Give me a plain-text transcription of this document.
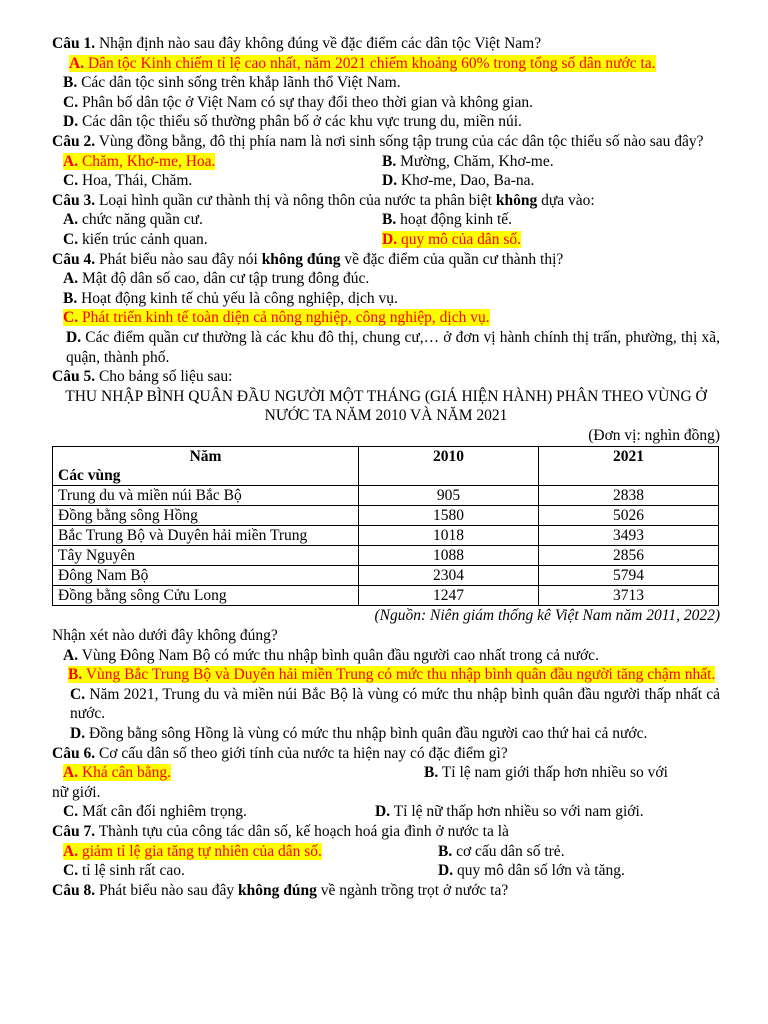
Câu 1. Nhận định nào sau đây không đúng về đặc điểm các dân tộc Việt Nam?

A. Dân tộc Kinh chiếm tỉ lệ cao nhất, năm 2021 chiếm khoảng 60% trong tổng số dân nước ta.

B. Các dân tộc sinh sống trên khắp lãnh thổ Việt Nam.

C. Phân bố dân tộc ở Việt Nam có sự thay đổi theo thời gian và không gian.

D. Các dân tộc thiểu số thường phân bố ở các khu vực trung du, miền núi.

Câu 2. Vùng đồng bằng, đô thị phía nam là nơi sinh sống tập trung của các dân tộc thiểu số nào sau đây?

A. Chăm, Khơ-me, Hoa.	B. Mường, Chăm, Khơ-me.
C. Hoa, Thái, Chăm.	D. Khơ-me, Dao, Ba-na.

Câu 3. Loại hình quần cư thành thị và nông thôn của nước ta phân biệt không dựa vào:

A. chức năng quần cư.	B. hoạt động kinh tế.
C. kiến trúc cảnh quan.	D. quy mô của dân số.

Câu 4. Phát biểu nào sau đây nói không đúng về đặc điểm của quần cư thành thị?

A. Mật độ dân số cao, dân cư tập trung đông đúc.

B. Hoạt động kinh tế chủ yếu là công nghiệp, dịch vụ.

C. Phát triển kinh tế toàn diện cả nông nghiệp, công nghiệp, dịch vụ.

D. Các điểm quần cư thường là các khu đô thị, chung cư,… ở đơn vị hành chính thị trấn, phường, thị xã, quận, thành phố.

Câu 5. Cho bảng số liệu sau:

THU NHẬP BÌNH QUÂN ĐẦU NGƯỜI MỘT THÁNG (GIÁ HIỆN HÀNH) PHÂN THEO VÙNG Ở NƯỚC TA NĂM 2010 VÀ NĂM 2021

(Đơn vị: nghìn đồng)

Năm
Các vùng	2010	2021
Trung du và miền núi Bắc Bộ	905	2838
Đồng bằng sông Hồng	1580	5026
Bắc Trung Bộ và Duyên hải miền Trung	1018	3493
Tây Nguyên	1088	2856
Đông Nam Bộ	2304	5794
Đồng bằng sông Cửu Long	1247	3713

(Nguồn: Niên giám thống kê Việt Nam năm 2011, 2022)

Nhận xét nào dưới đây không đúng?

A. Vùng Đông Nam Bộ có mức thu nhập bình quân đầu người cao nhất trong cả nước.

B. Vùng Bắc Trung Bộ và Duyên hải miền Trung có mức thu nhập bình quân đầu người tăng chậm nhất.

C. Năm 2021, Trung du và miền núi Bắc Bộ là vùng có mức thu nhập bình quân đầu người thấp nhất cả nước.

D. Đồng bằng sông Hồng là vùng có mức thu nhập bình quân đầu người cao thứ hai cả nước.

Câu 6. Cơ cấu dân số theo giới tính của nước ta hiện nay có đặc điểm gì?

A. Khá cân bằng.	B. Tỉ lệ nam giới thấp hơn nhiều so với

nữ giới.

C. Mất cân đối nghiêm trọng.	D. Tỉ lệ nữ thấp hơn nhiều so với nam giới.

Câu 7. Thành tựu của công tác dân số, kế hoạch hoá gia đình ở nước ta là

A. giảm tỉ lệ gia tăng tự nhiên của dân số.	B. cơ cấu dân số trẻ.
C. tỉ lệ sinh rất cao.	D. quy mô dân số lớn và tăng.

Câu 8. Phát biểu nào sau đây không đúng về ngành trồng trọt ở nước ta?
